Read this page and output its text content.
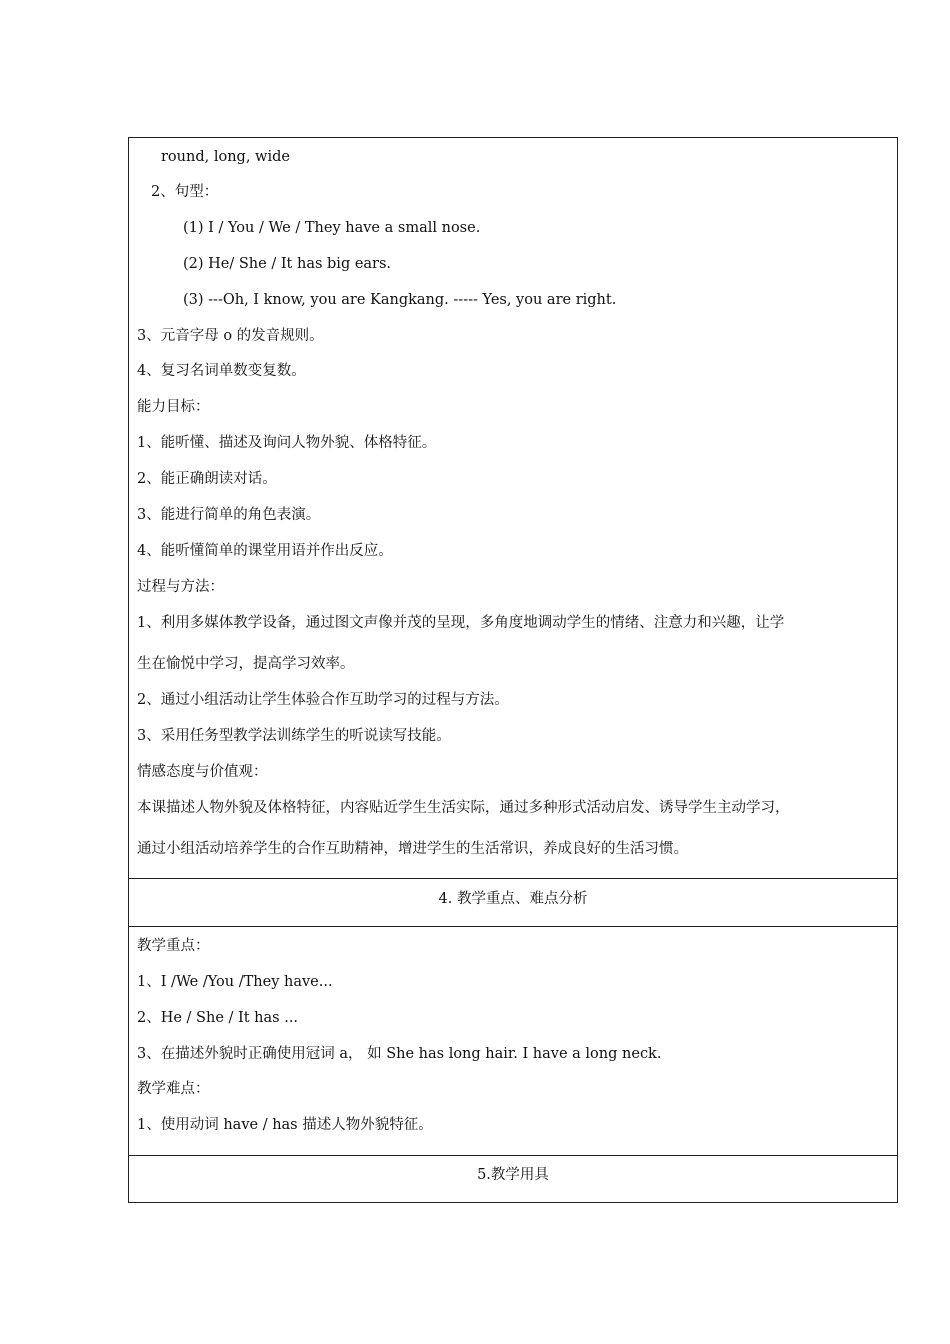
round, long, wide
2、句型：
(1) I / You / We / They have a small nose.
(2) He/ She / It has big ears.
(3) ---Oh, I know, you are Kangkang. ----- Yes, you are right.
3、元音字母 o 的发音规则。
4、复习名词单数变复数。
能力目标：
1、能听懂、描述及询问人物外貌、体格特征。
2、能正确朗读对话。
3、能进行简单的角色表演。
4、能听懂简单的课堂用语并作出反应。
过程与方法：
1、利用多媒体教学设备，通过图文声像并茂的呈现，多角度地调动学生的情绪、注意力和兴趣，让学
生在愉悦中学习，提高学习效率。
2、通过小组活动让学生体验合作互助学习的过程与方法。
3、采用任务型教学法训练学生的听说读写技能。
情感态度与价值观：
本课描述人物外貌及体格特征，内容贴近学生生活实际，通过多种形式活动启发、诱导学生主动学习，
通过小组活动培养学生的合作互助精神，增进学生的生活常识，养成良好的生活习惯。

4. 教学重点、难点分析

教学重点：
1、I /We /You /They have...
2、He / She / It has ...
3、在描述外貌时正确使用冠词 a， 如 She has long hair. I have a long neck.
教学难点：
1、使用动词 have / has 描述人物外貌特征。

5.教学用具
